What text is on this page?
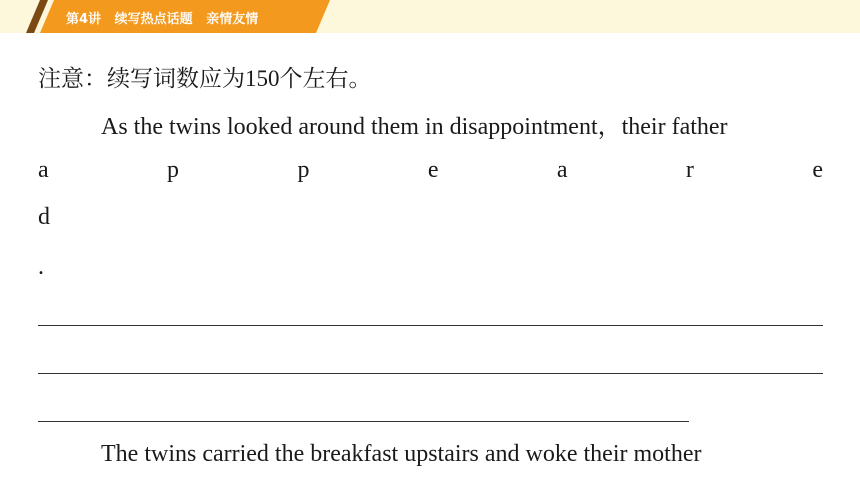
第4讲   续写热点话题   亲情友情
注意：续写词数应为150个左右。
As the twins looked around them in disappointment，their father
a	p	p	e	a	r	e
d
.
The twins carried the breakfast upstairs and woke their mother
